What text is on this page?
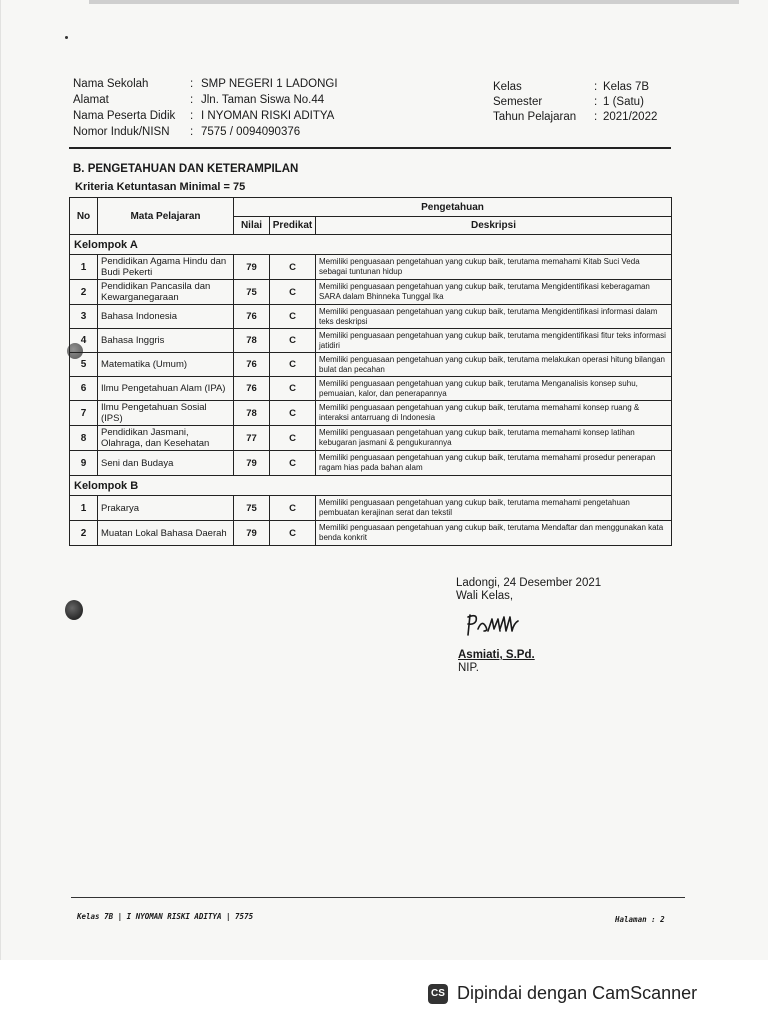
Nama Sekolah	: SMP NEGERI 1 LADONGI	Kelas	: Kelas 7B
Alamat	: Jln. Taman Siswa No.44	Semester	: 1 (Satu)
Nama Peserta Didik : I NYOMAN RISKI ADITYA	Tahun Pelajaran : 2021/2022
Nomor Induk/NISN : 7575 / 0094090376
B. PENGETAHUAN DAN KETERAMPILAN
Kriteria Ketuntasan Minimal = 75
No	Mata Pelajaran	Pengetahuan		
		Nilai	Predikat	Deskripsi
Kelompok A				
1	Pendidikan Agama Hindu dan Budi Pekerti	79	C	Memiliki penguasaan pengetahuan yang cukup baik, terutama memahami Kitab Suci Veda sebagai tuntunan hidup
2	Pendidikan Pancasila dan Kewarganegaraan	75	C	Memiliki penguasaan pengetahuan yang cukup baik, terutama Mengidentifikasi keberagaman SARA dalam Bhinneka Tunggal Ika
3	Bahasa Indonesia	76	C	Memiliki penguasaan pengetahuan yang cukup baik, terutama Mengidentifikasi informasi dalam teks deskripsi
4	Bahasa Inggris	78	C	Memiliki penguasaan pengetahuan yang cukup baik, terutama mengidentifikasi fitur teks informasi jatidiri
5	Matematika (Umum)	76	C	Memiliki penguasaan pengetahuan yang cukup baik, terutama melakukan operasi hitung bilangan bulat dan pecahan
6	Ilmu Pengetahuan Alam (IPA)	76	C	Memiliki penguasaan pengetahuan yang cukup baik, terutama Menganalisis konsep suhu, pemuaian, kalor, dan penerapannya
7	Ilmu Pengetahuan Sosial (IPS)	78	C	Memiliki penguasaan pengetahuan yang cukup baik, terutama memahami konsep ruang & interaksi antarruang di Indonesia
8	Pendidikan Jasmani, Olahraga, dan Kesehatan	77	C	Memiliki penguasaan pengetahuan yang cukup baik, terutama memahami konsep latihan kebugaran jasmani & pengukurannya
9	Seni dan Budaya	79	C	Memiliki penguasaan pengetahuan yang cukup baik, terutama memahami prosedur penerapan ragam hias pada bahan alam
Kelompok B				
1	Prakarya	75	C	Memiliki penguasaan pengetahuan yang cukup baik, terutama memahami pengetahuan pembuatan kerajinan serat dan tekstil
2	Muatan Lokal Bahasa Daerah	79	C	Memiliki penguasaan pengetahuan yang cukup baik, terutama Mendaftar dan menggunakan kata benda konkrit
Ladongi, 24 Desember 2021
Wali Kelas,
Asmiati, S.Pd.
NIP.
Kelas 7B | I NYOMAN RISKI ADITYA | 7575	Halaman : 2
CS Dipindai dengan CamScanner
